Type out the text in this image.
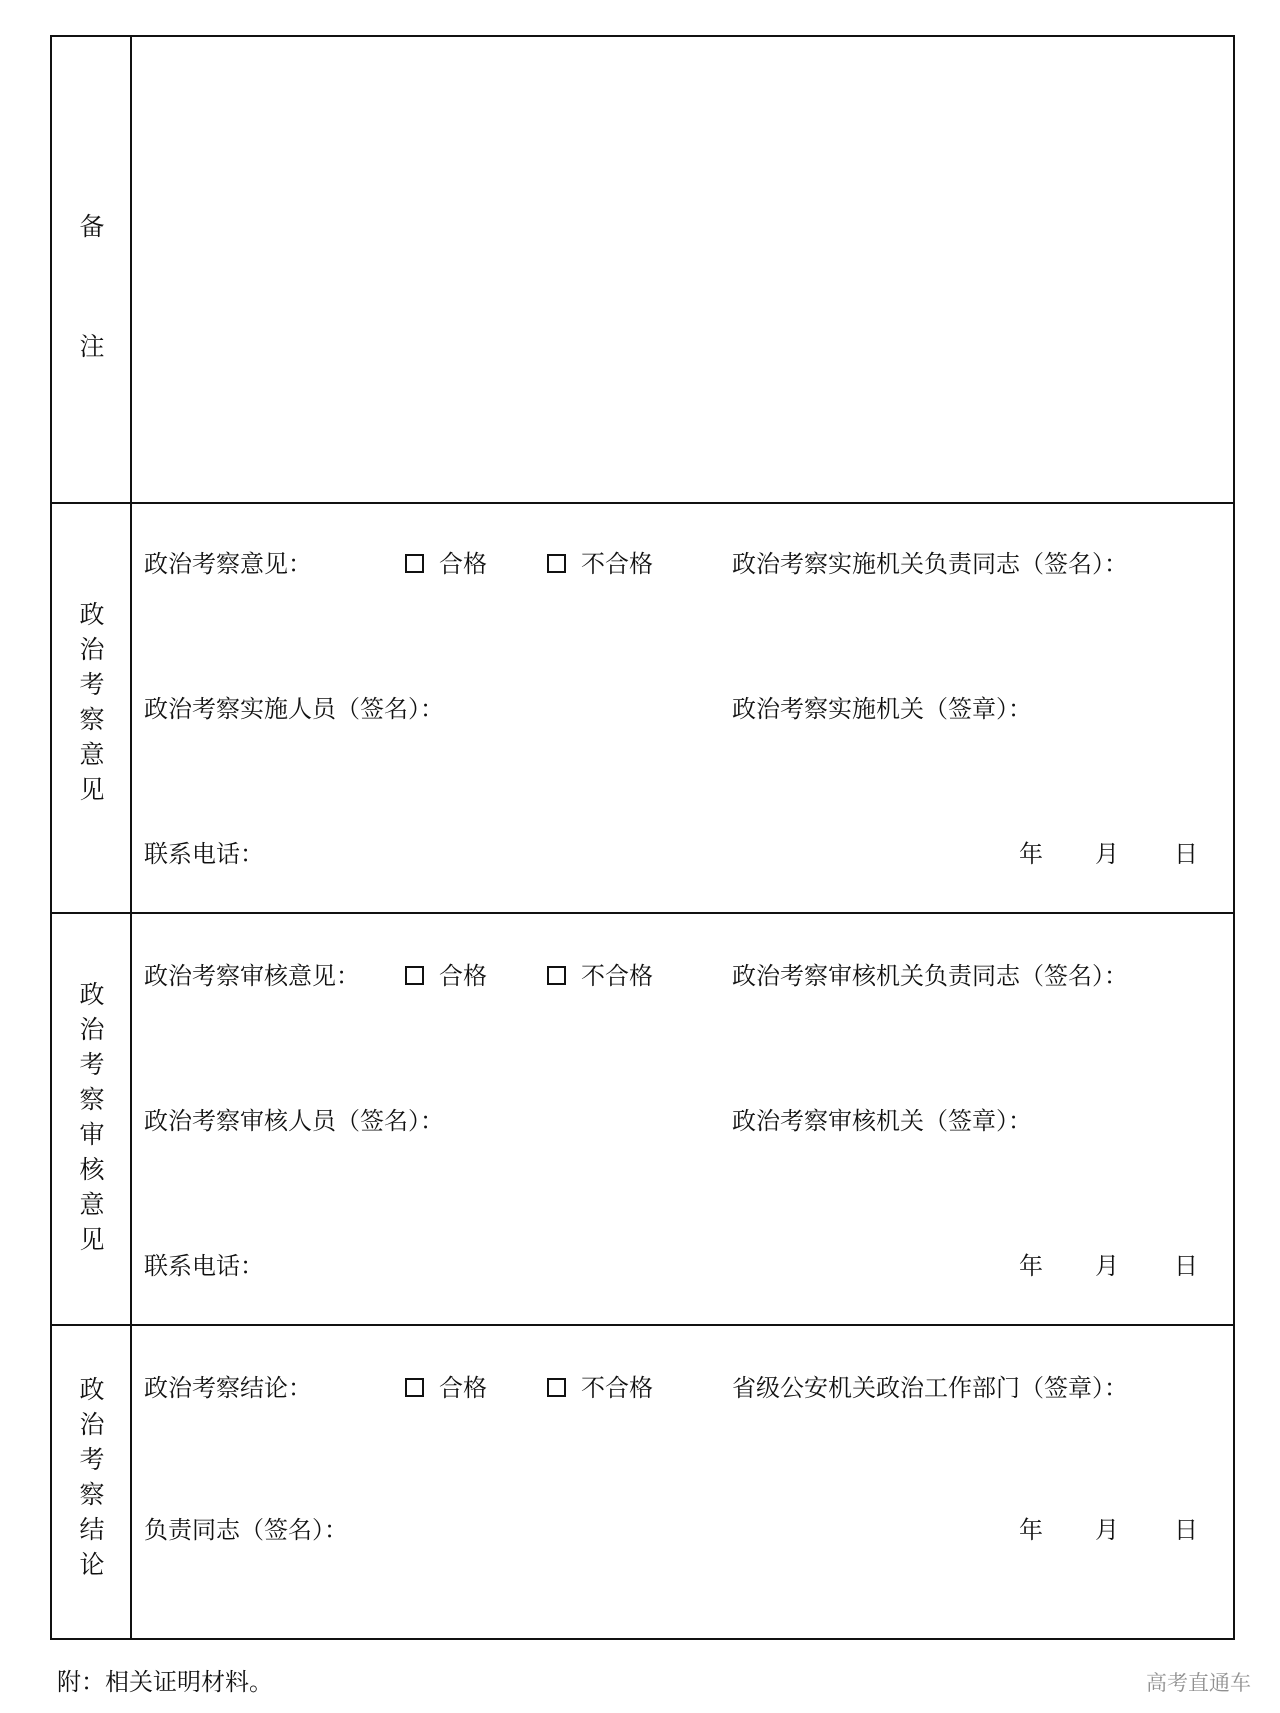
备
注
政
治
考
察
意
见
政治考察意见：	合格	不合格	政治考察实施机关负责同志（签名）：
政治考察实施人员（签名）：	政治考察实施机关（签章）：
联系电话：	年 月 日
政
治
考
察
审
核
意
见
政治考察审核意见：	合格	不合格	政治考察审核机关负责同志（签名）：
政治考察审核人员（签名）：	政治考察审核机关（签章）：
联系电话：	年 月 日
政
治
考
察
结
论
政治考察结论：	合格	不合格	省级公安机关政治工作部门（签章）：
负责同志（签名）：	年 月 日
附：相关证明材料。	高考直通车
